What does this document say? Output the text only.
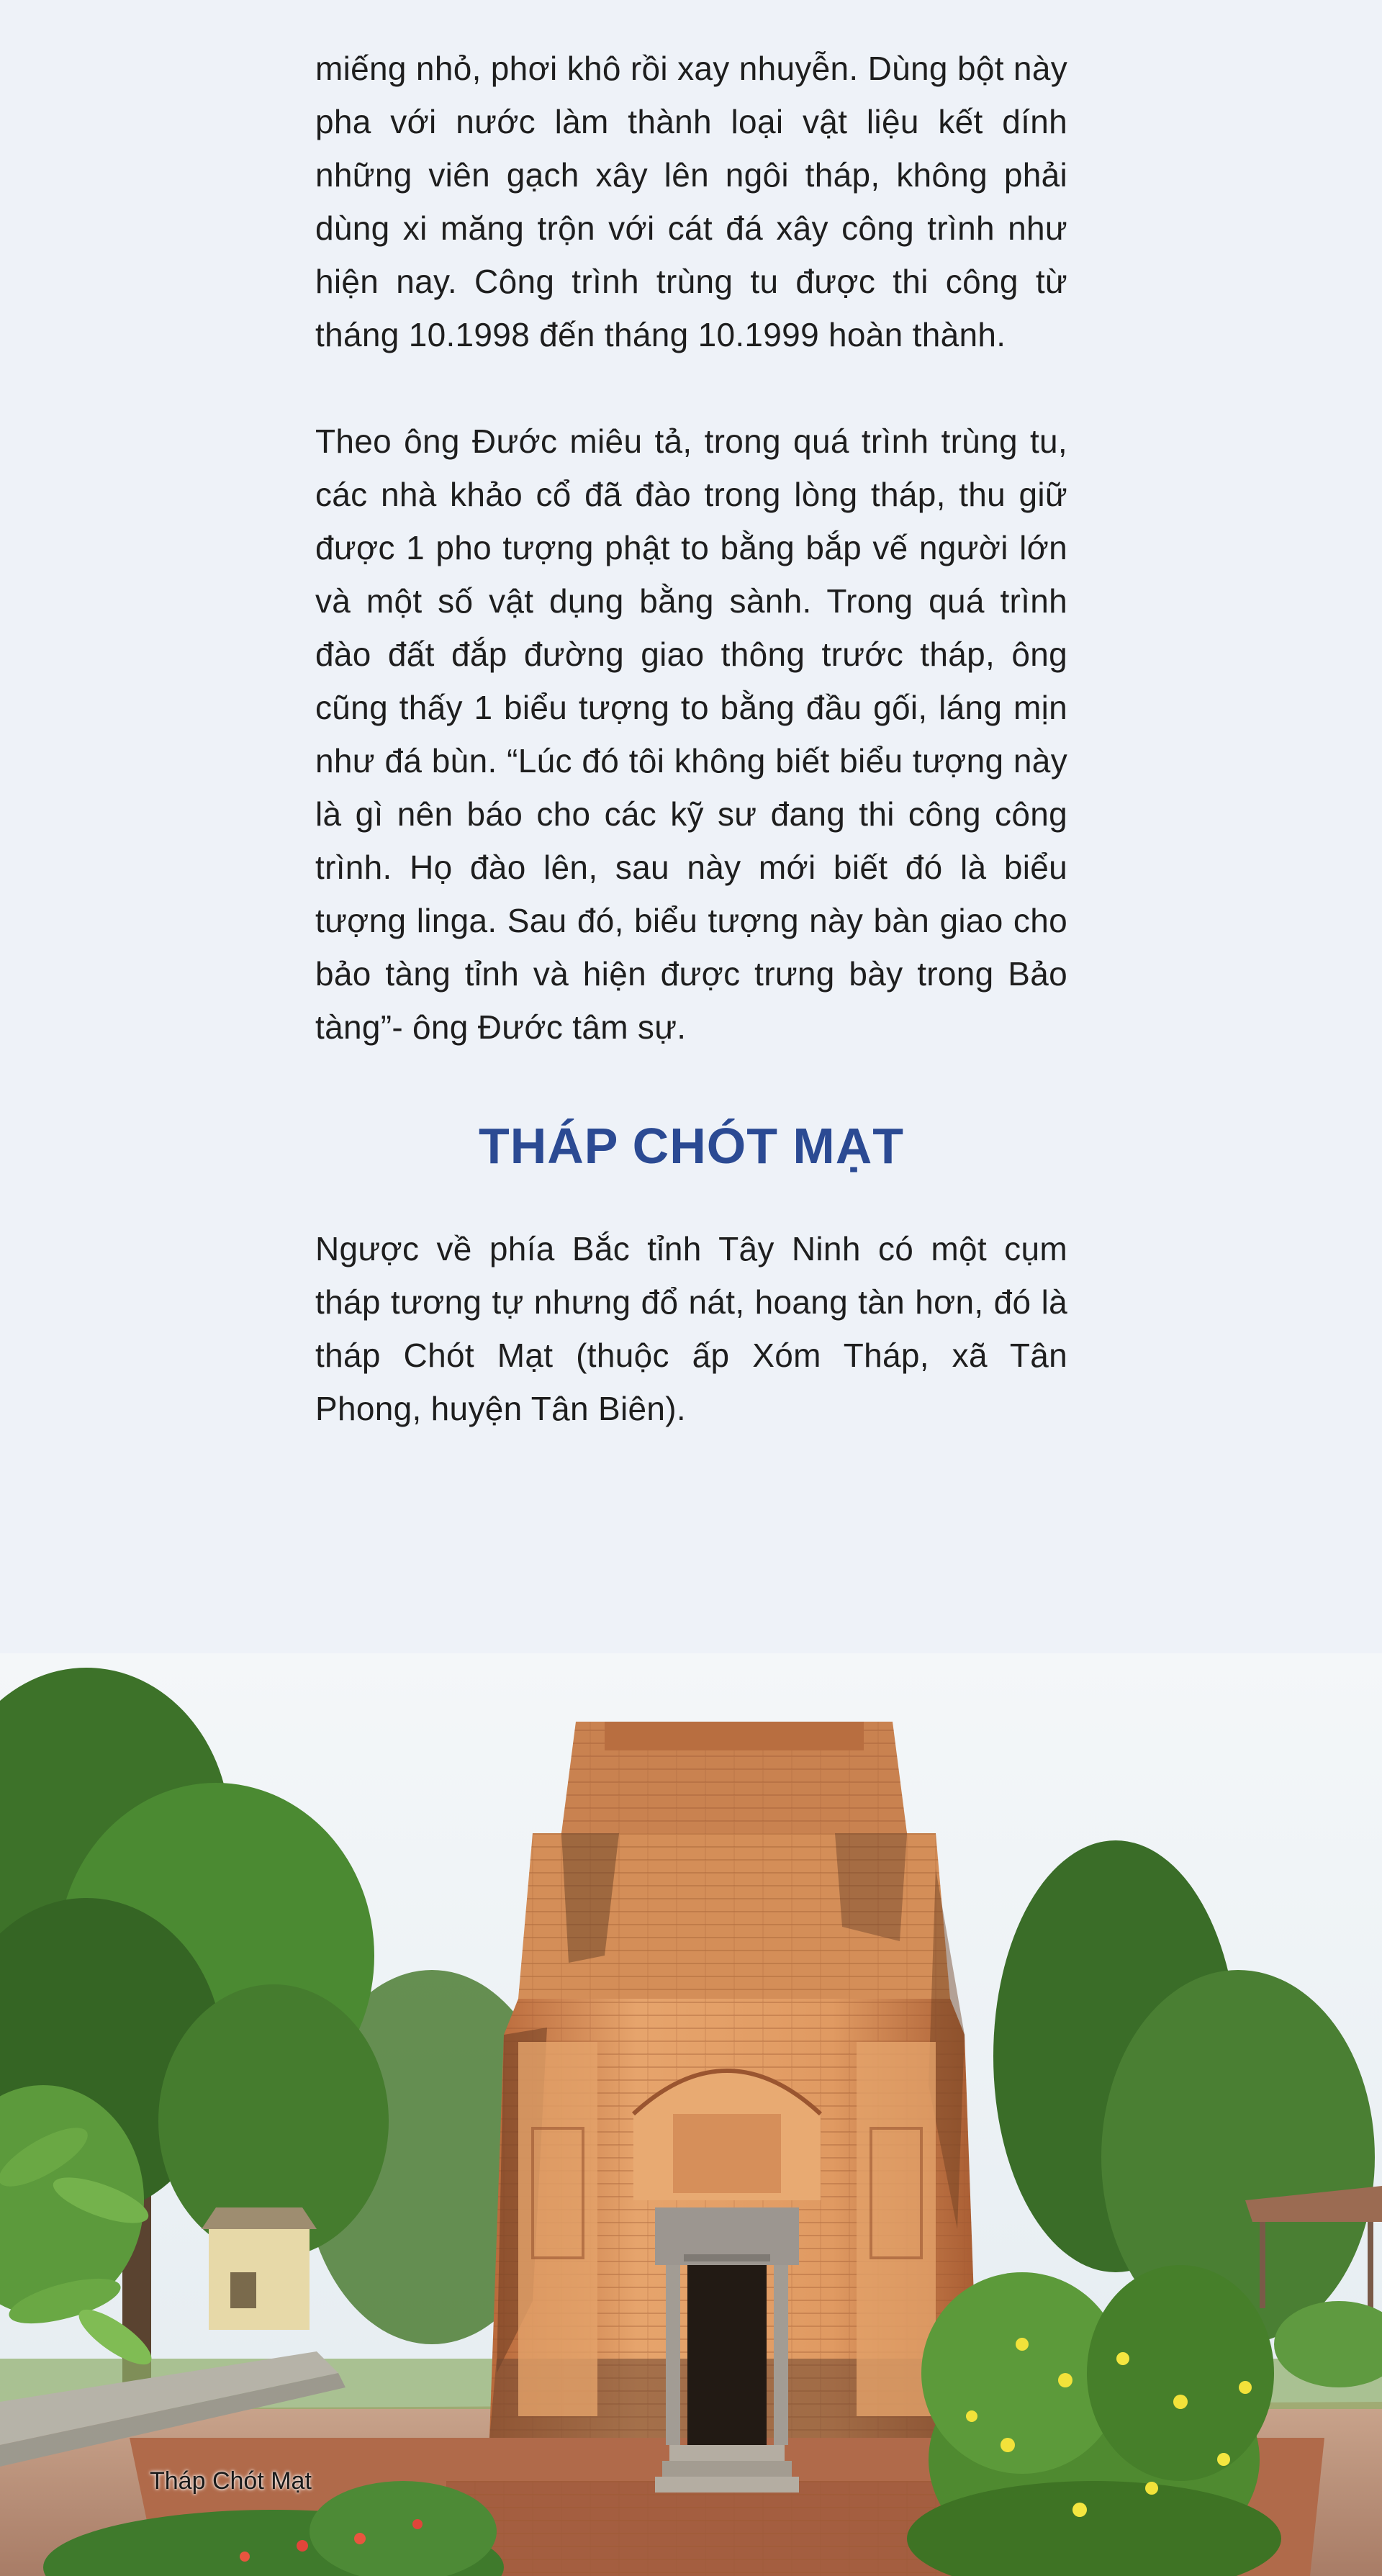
miếng nhỏ, phơi khô rồi xay nhuyễn. Dùng bột này pha với nước làm thành loại vật liệu kết dính những viên gạch xây lên ngôi tháp, không phải dùng xi măng trộn với cát đá xây công trình như hiện nay. Công trình trùng tu được thi công từ tháng 10.1998 đến tháng 10.1999 hoàn thành.

Theo ông Đước miêu tả, trong quá trình trùng tu, các nhà khảo cổ đã đào trong lòng tháp, thu giữ được 1 pho tượng phật to bằng bắp vế người lớn và một số vật dụng bằng sành. Trong quá trình đào đất đắp đường giao thông trước tháp, ông cũng thấy 1 biểu tượng to bằng đầu gối, láng mịn như đá bùn. “Lúc đó tôi không biết biểu tượng này là gì nên báo cho các kỹ sư đang thi công công trình. Họ đào lên, sau này mới biết đó là biểu tượng linga. Sau đó, biểu tượng này bàn giao cho bảo tàng tỉnh và hiện được trưng bày trong Bảo tàng”- ông Đước tâm sự.

THÁP CHÓT MẠT

Ngược về phía Bắc tỉnh Tây Ninh có một cụm tháp tương tự nhưng đổ nát, hoang tàn hơn, đó là tháp Chót Mạt (thuộc ấp Xóm Tháp, xã Tân Phong, huyện Tân Biên).

Tháp Chót Mạt
